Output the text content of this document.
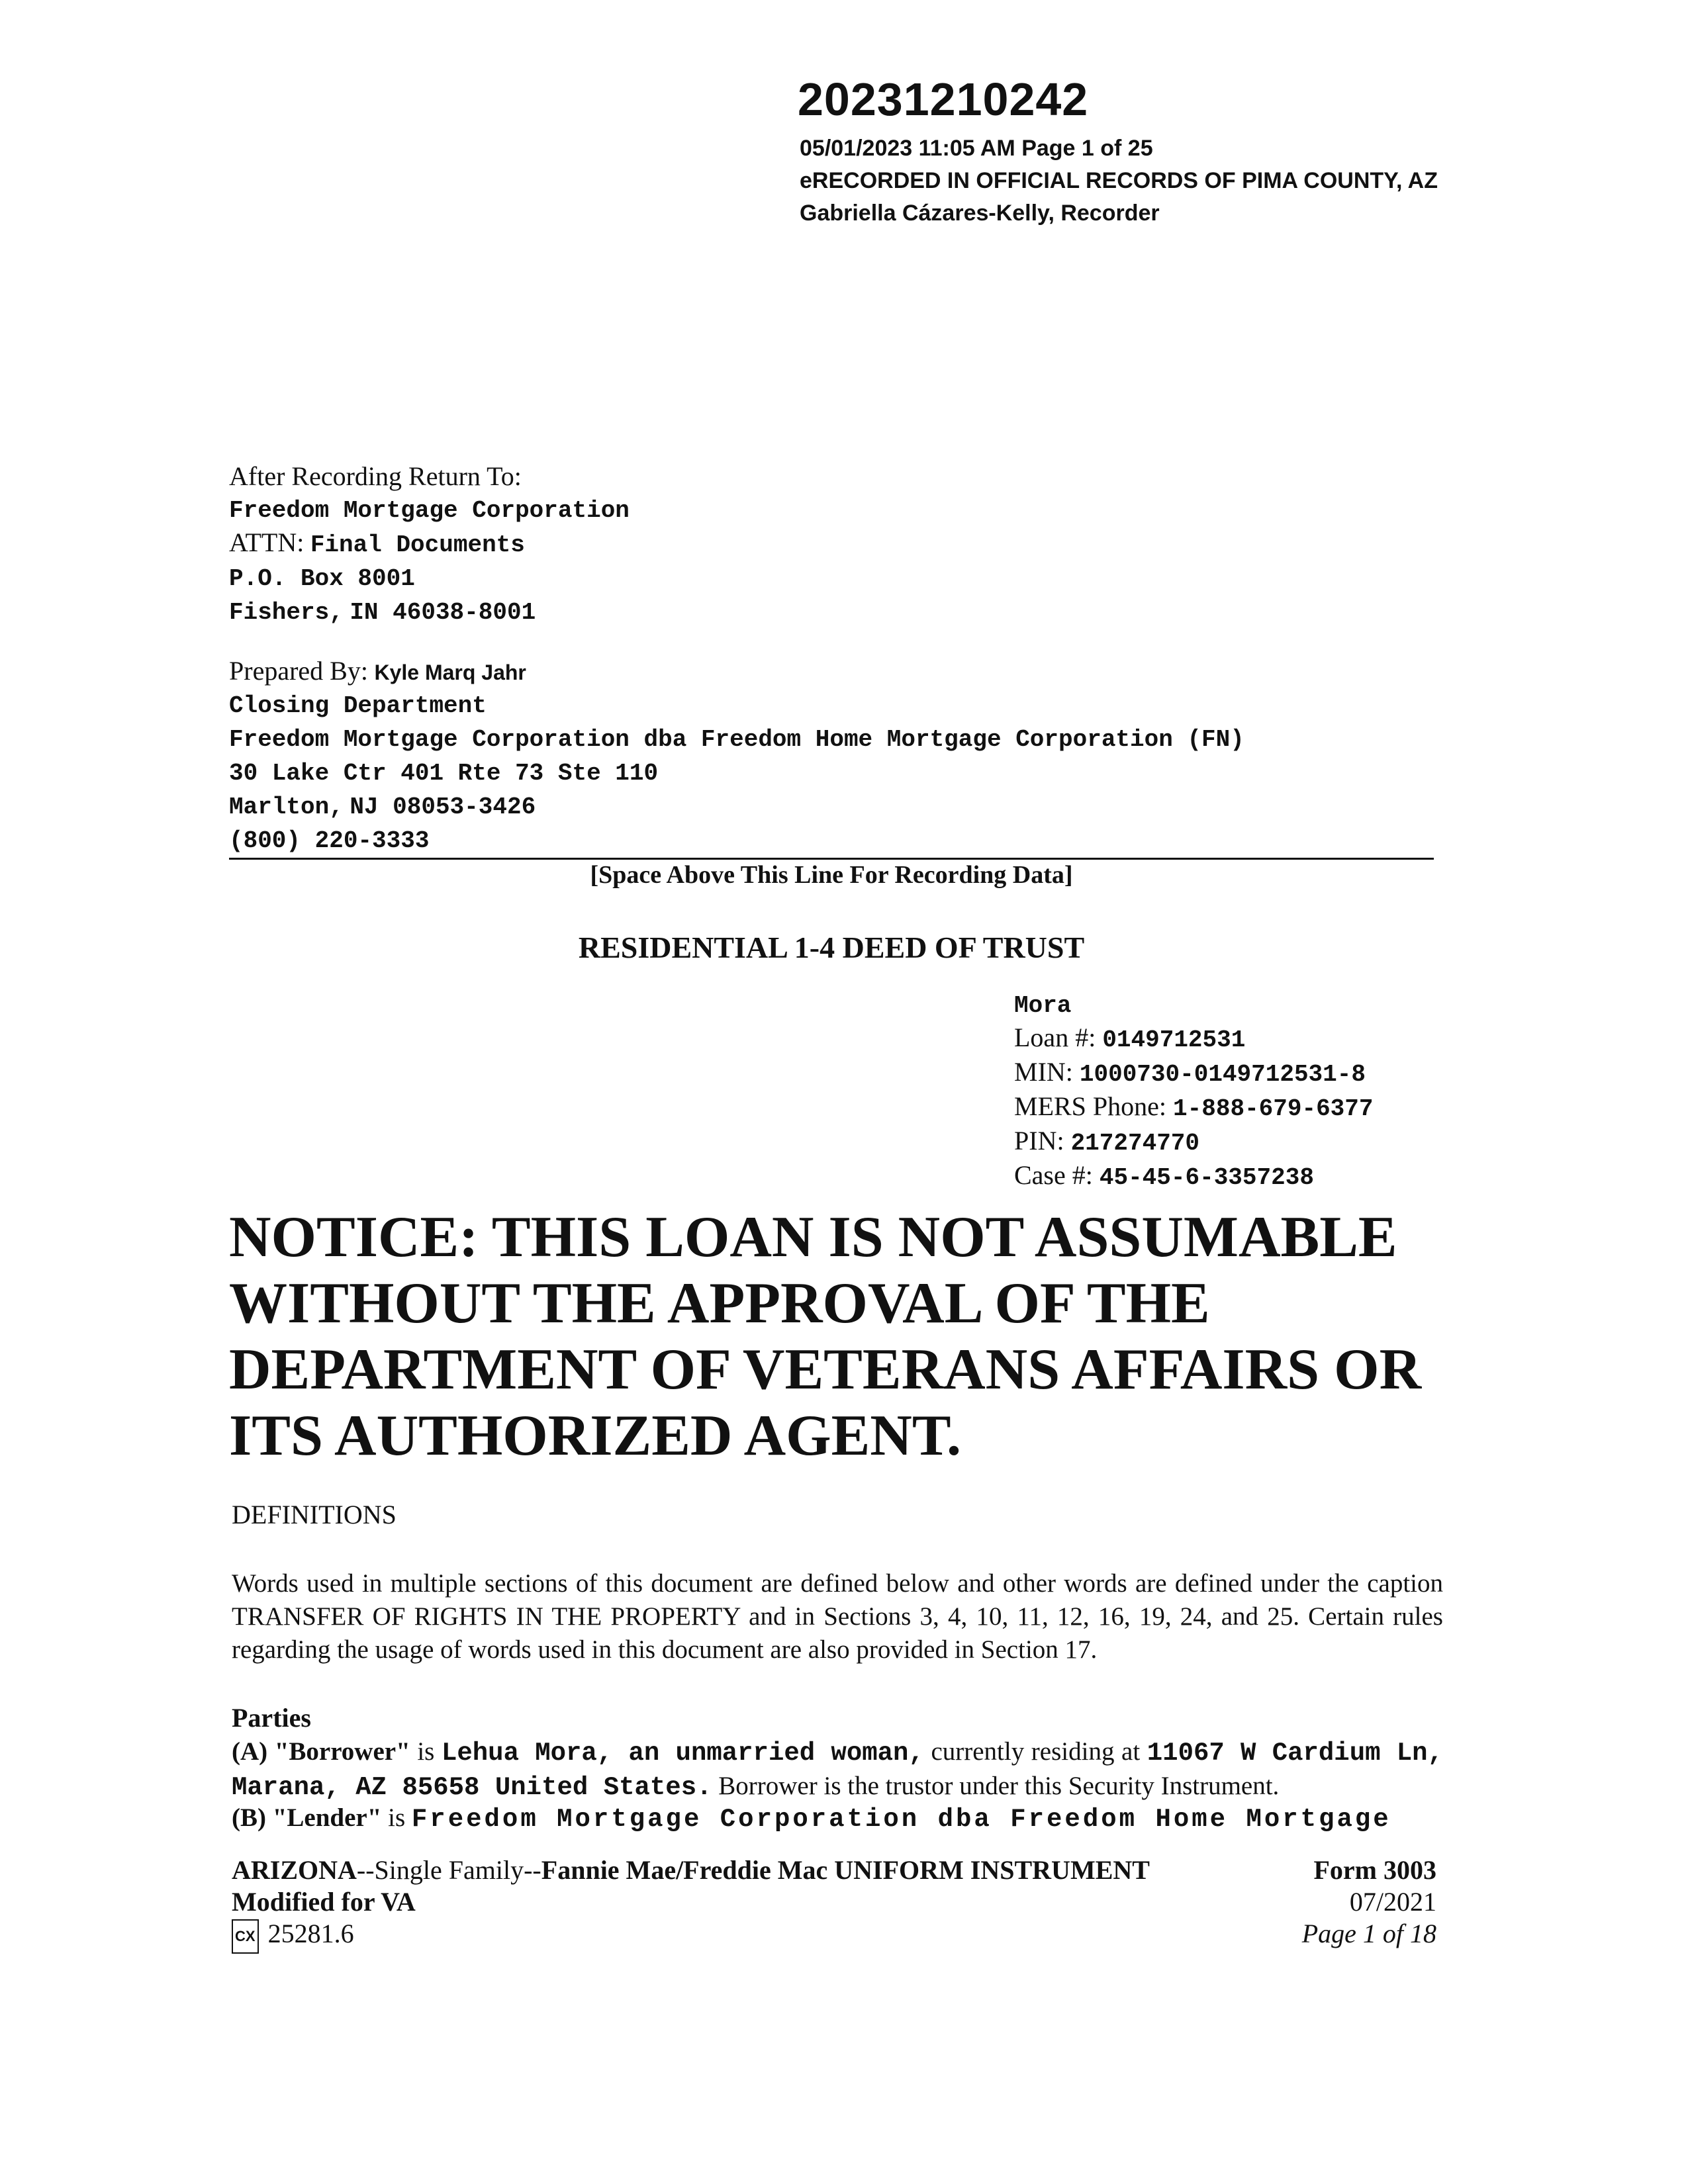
20231210242
05/01/2023 11:05 AM Page 1 of 25
eRECORDED IN OFFICIAL RECORDS OF PIMA COUNTY, AZ
Gabriella Cázares-Kelly, Recorder
After Recording Return To:
Freedom Mortgage Corporation
ATTN: Final Documents
P.O. Box 8001
Fishers, IN 46038-8001
Prepared By: Kyle Marq Jahr
Closing Department
Freedom Mortgage Corporation dba Freedom Home Mortgage Corporation (FN)
30 Lake Ctr 401 Rte 73 Ste 110
Marlton, NJ 08053-3426
(800) 220-3333
[Space Above This Line For Recording Data]
RESIDENTIAL 1-4 DEED OF TRUST
Mora
Loan #: 0149712531
MIN: 1000730-0149712531-8
MERS Phone: 1-888-679-6377
PIN: 217274770
Case #: 45-45-6-3357238
NOTICE: THIS LOAN IS NOT ASSUMABLE
WITHOUT THE APPROVAL OF THE
DEPARTMENT OF VETERANS AFFAIRS OR
ITS AUTHORIZED AGENT.
DEFINITIONS
Words used in multiple sections of this document are defined below and other words are defined under the caption TRANSFER OF RIGHTS IN THE PROPERTY and in Sections 3, 4, 10, 11, 12, 16, 19, 24, and 25. Certain rules regarding the usage of words used in this document are also provided in Section 17.
Parties
(A) "Borrower" is Lehua Mora, an unmarried woman, currently residing at 11067 W Cardium Ln, Marana, AZ 85658 United States. Borrower is the trustor under this Security Instrument.
(B) "Lender" is Freedom Mortgage Corporation dba Freedom Home Mortgage
ARIZONA--Single Family--Fannie Mae/Freddie Mac UNIFORM INSTRUMENT
Modified for VA
CX 25281.6
Form 3003
07/2021
Page 1 of 18
